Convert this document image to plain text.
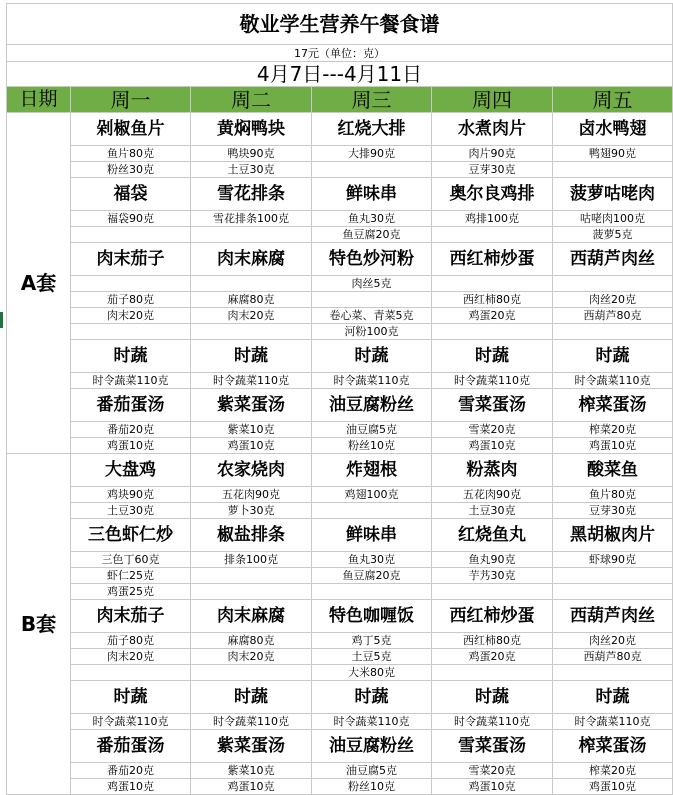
敬业学生营养午餐食谱					
17元（单位：克）					
4月7日---4月11日					
日期	周一	周二	周三	周四	周五
A套	剁椒鱼片	黄焖鸭块	红烧大排	水煮肉片	卤水鸭翅
	鱼片80克	鸭块90克	大排90克	肉片90克	鸭翅90克
	粉丝30克	土豆30克		豆芽30克	
	福袋	雪花排条	鲜味串	奥尔良鸡排	菠萝咕咾肉
	福袋90克	雪花排条100克	鱼丸30克	鸡排100克	咕咾肉100克
			鱼豆腐20克		菠萝5克
	肉末茄子	肉末麻腐	特色炒河粉	西红柿炒蛋	西葫芦肉丝
			肉丝5克		
	茄子80克	麻腐80克		西红柿80克	肉丝20克
	肉末20克	肉末20克	卷心菜、青菜5克	鸡蛋20克	西葫芦80克
			河粉100克		
	时蔬	时蔬	时蔬	时蔬	时蔬
	时令蔬菜110克	时令蔬菜110克	时令蔬菜110克	时令蔬菜110克	时令蔬菜110克
	番茄蛋汤	紫菜蛋汤	油豆腐粉丝	雪菜蛋汤	榨菜蛋汤
	番茄20克	紫菜10克	油豆腐5克	雪菜20克	榨菜20克
	鸡蛋10克	鸡蛋10克	粉丝10克	鸡蛋10克	鸡蛋10克
B套	大盘鸡	农家烧肉	炸翅根	粉蒸肉	酸菜鱼
	鸡块90克	五花肉90克	鸡翅100克	五花肉90克	鱼片80克
	土豆30克	萝卜30克		土豆30克	豆芽30克
	三色虾仁炒	椒盐排条	鲜味串	红烧鱼丸	黑胡椒肉片
	三色丁60克	排条100克	鱼丸30克	鱼丸90克	虾球90克
	虾仁25克		鱼豆腐20克	芋艿30克	
	鸡蛋25克				
	肉末茄子	肉末麻腐	特色咖喱饭	西红柿炒蛋	西葫芦肉丝
	茄子80克	麻腐80克	鸡丁5克	西红柿80克	肉丝20克
	肉末20克	肉末20克	土豆5克	鸡蛋20克	西葫芦80克
			大米80克		
	时蔬	时蔬	时蔬	时蔬	时蔬
	时令蔬菜110克	时令蔬菜110克	时令蔬菜110克	时令蔬菜110克	时令蔬菜110克
	番茄蛋汤	紫菜蛋汤	油豆腐粉丝	雪菜蛋汤	榨菜蛋汤
	番茄20克	紫菜10克	油豆腐5克	雪菜20克	榨菜20克
	鸡蛋10克	鸡蛋10克	粉丝10克	鸡蛋10克	鸡蛋10克
